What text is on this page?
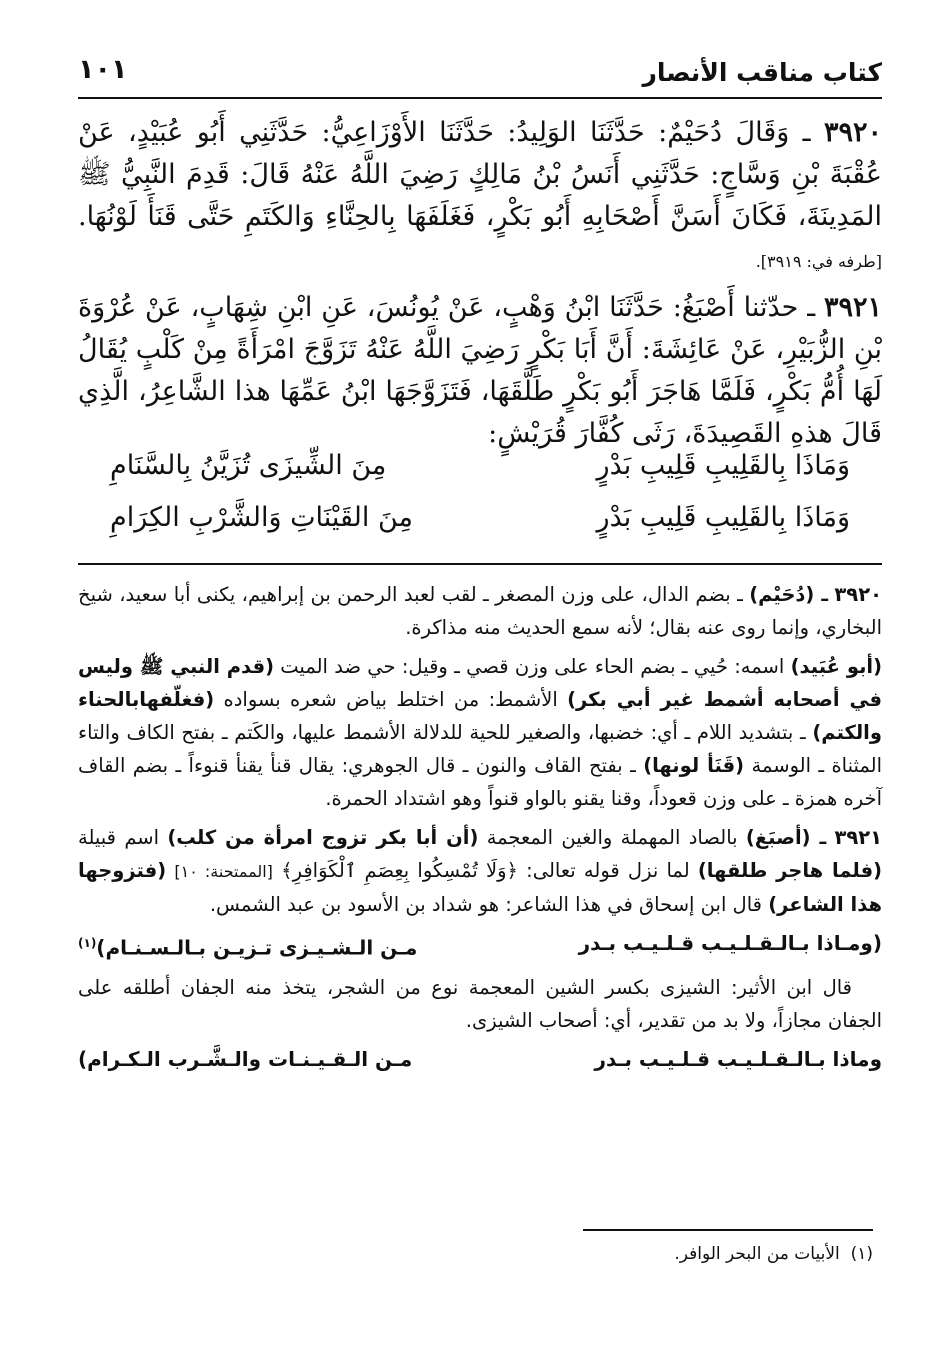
كتاب مناقب الأنصار
١٠١

٣٩٢٠ ـ وَقَالَ دُحَيْمٌ: حَدَّثَنَا الوَلِيدُ: حَدَّثَنَا الأَوْزَاعِيُّ: حَدَّثَنِي أَبُو عُبَيْدٍ، عَنْ عُقْبَةَ بْنِ وَسَّاجٍ: حَدَّثَنِي أَنَسُ بْنُ مَالِكٍ رَضِيَ اللَّهُ عَنْهُ قَالَ: قَدِمَ النَّبِيُّ ﷺ المَدِينَةَ، فَكَانَ أَسَنَّ أَصْحَابِهِ أَبُو بَكْرٍ، فَغَلَفَهَا بِالحِنَّاءِ وَالكَتَمِ حَتَّى قَنَأَ لَوْنُهَا. [طرفه في: ٣٩١٩].

٣٩٢١ ـ حدّثنا أَصْبَغُ: حَدَّثَنَا ابْنُ وَهْبٍ، عَنْ يُونُسَ، عَنِ ابْنِ شِهَابٍ، عَنْ عُرْوَةَ بْنِ الزُّبَيْرِ، عَنْ عَائِشَةَ: أَنَّ أَبَا بَكْرٍ رَضِيَ اللَّهُ عَنْهُ تَزَوَّجَ امْرَأَةً مِنْ كَلْبٍ يُقَالُ لَهَا أُمُّ بَكْرٍ، فَلَمَّا هَاجَرَ أَبُو بَكْرٍ طَلَّقَهَا، فَتَزَوَّجَهَا ابْنُ عَمِّهَا هذا الشَّاعِرُ، الَّذِي قَالَ هذهِ القَصِيدَةَ، رَثَى كُفَّارَ قُرَيْشٍ:

وَمَاذَا بِالقَلِيبِ قَلِيبِ بَدْرٍ
مِنَ الشِّيزَى تُزَيَّنُ بِالسَّنَامِ
وَمَاذَا بِالقَلِيبِ قَلِيبِ بَدْرٍ
مِنَ القَيْنَاتِ وَالشَّرْبِ الكِرَامِ

٣٩٢٠ ـ (دُحَيْم) ـ بضم الدال، على وزن المصغر ـ لقب لعبد الرحمن بن إبراهيم، يكنى أبا سعيد، شيخ البخاري، وإنما روى عنه بقال؛ لأنه سمع الحديث منه مذاكرة.

(أبو عُبَيد) اسمه: حُيي ـ بضم الحاء على وزن قصي ـ وقيل: حي ضد الميت (قدم النبي ﷺ وليس في أصحابه أشمط غير أبي بكر) الأشمط: من اختلط بياض شعره بسواده (فغلّفهابالحناء والكتم) ـ بتشديد اللام ـ أي: خضبها، والصغير للحية للدلالة الأشمط عليها، والكَتم ـ بفتح الكاف والتاء المثناة ـ الوسمة (قَنَأ لونها) ـ بفتح القاف والنون ـ قال الجوهري: يقال قنأ يقنأ قنوءاً ـ بضم القاف آخره همزة ـ على وزن قعوداً، وقنا يقنو بالواو قنواً وهو اشتداد الحمرة.

٣٩٢١ ـ (أصبَغ) بالصاد المهملة والغين المعجمة (أن أبا بكر تزوج امرأة من كلب) اسم قبيلة (فلما هاجر طلقها) لما نزل قوله تعالى: ﴿وَلَا تُمْسِكُوا بِعِصَمِ ٱلْكَوَافِرِ﴾ [الممتحنة: ١٠] (فتزوجها هذا الشاعر) قال ابن إسحاق في هذا الشاعر: هو شداد بن الأسود بن عبد الشمس.

(ومـاذا بـالـقـلـيـب قـلـيـب بـدر
مـن الـشـيـزى تـزيـن بـالـسـنـام)$^{(١)}$

قال ابن الأثير: الشيزى بكسر الشين المعجمة نوع من الشجر، يتخذ منه الجفان أطلقه على الجفان مجازاً، ولا بد من تقدير، أي: أصحاب الشيزى.

وماذا بـالـقـلـيـب قـلـيـب بـدر
مـن الـقـيـنـات والـشَّـرب الـكـرام)

(١)  الأبيات من البحر الوافر.
